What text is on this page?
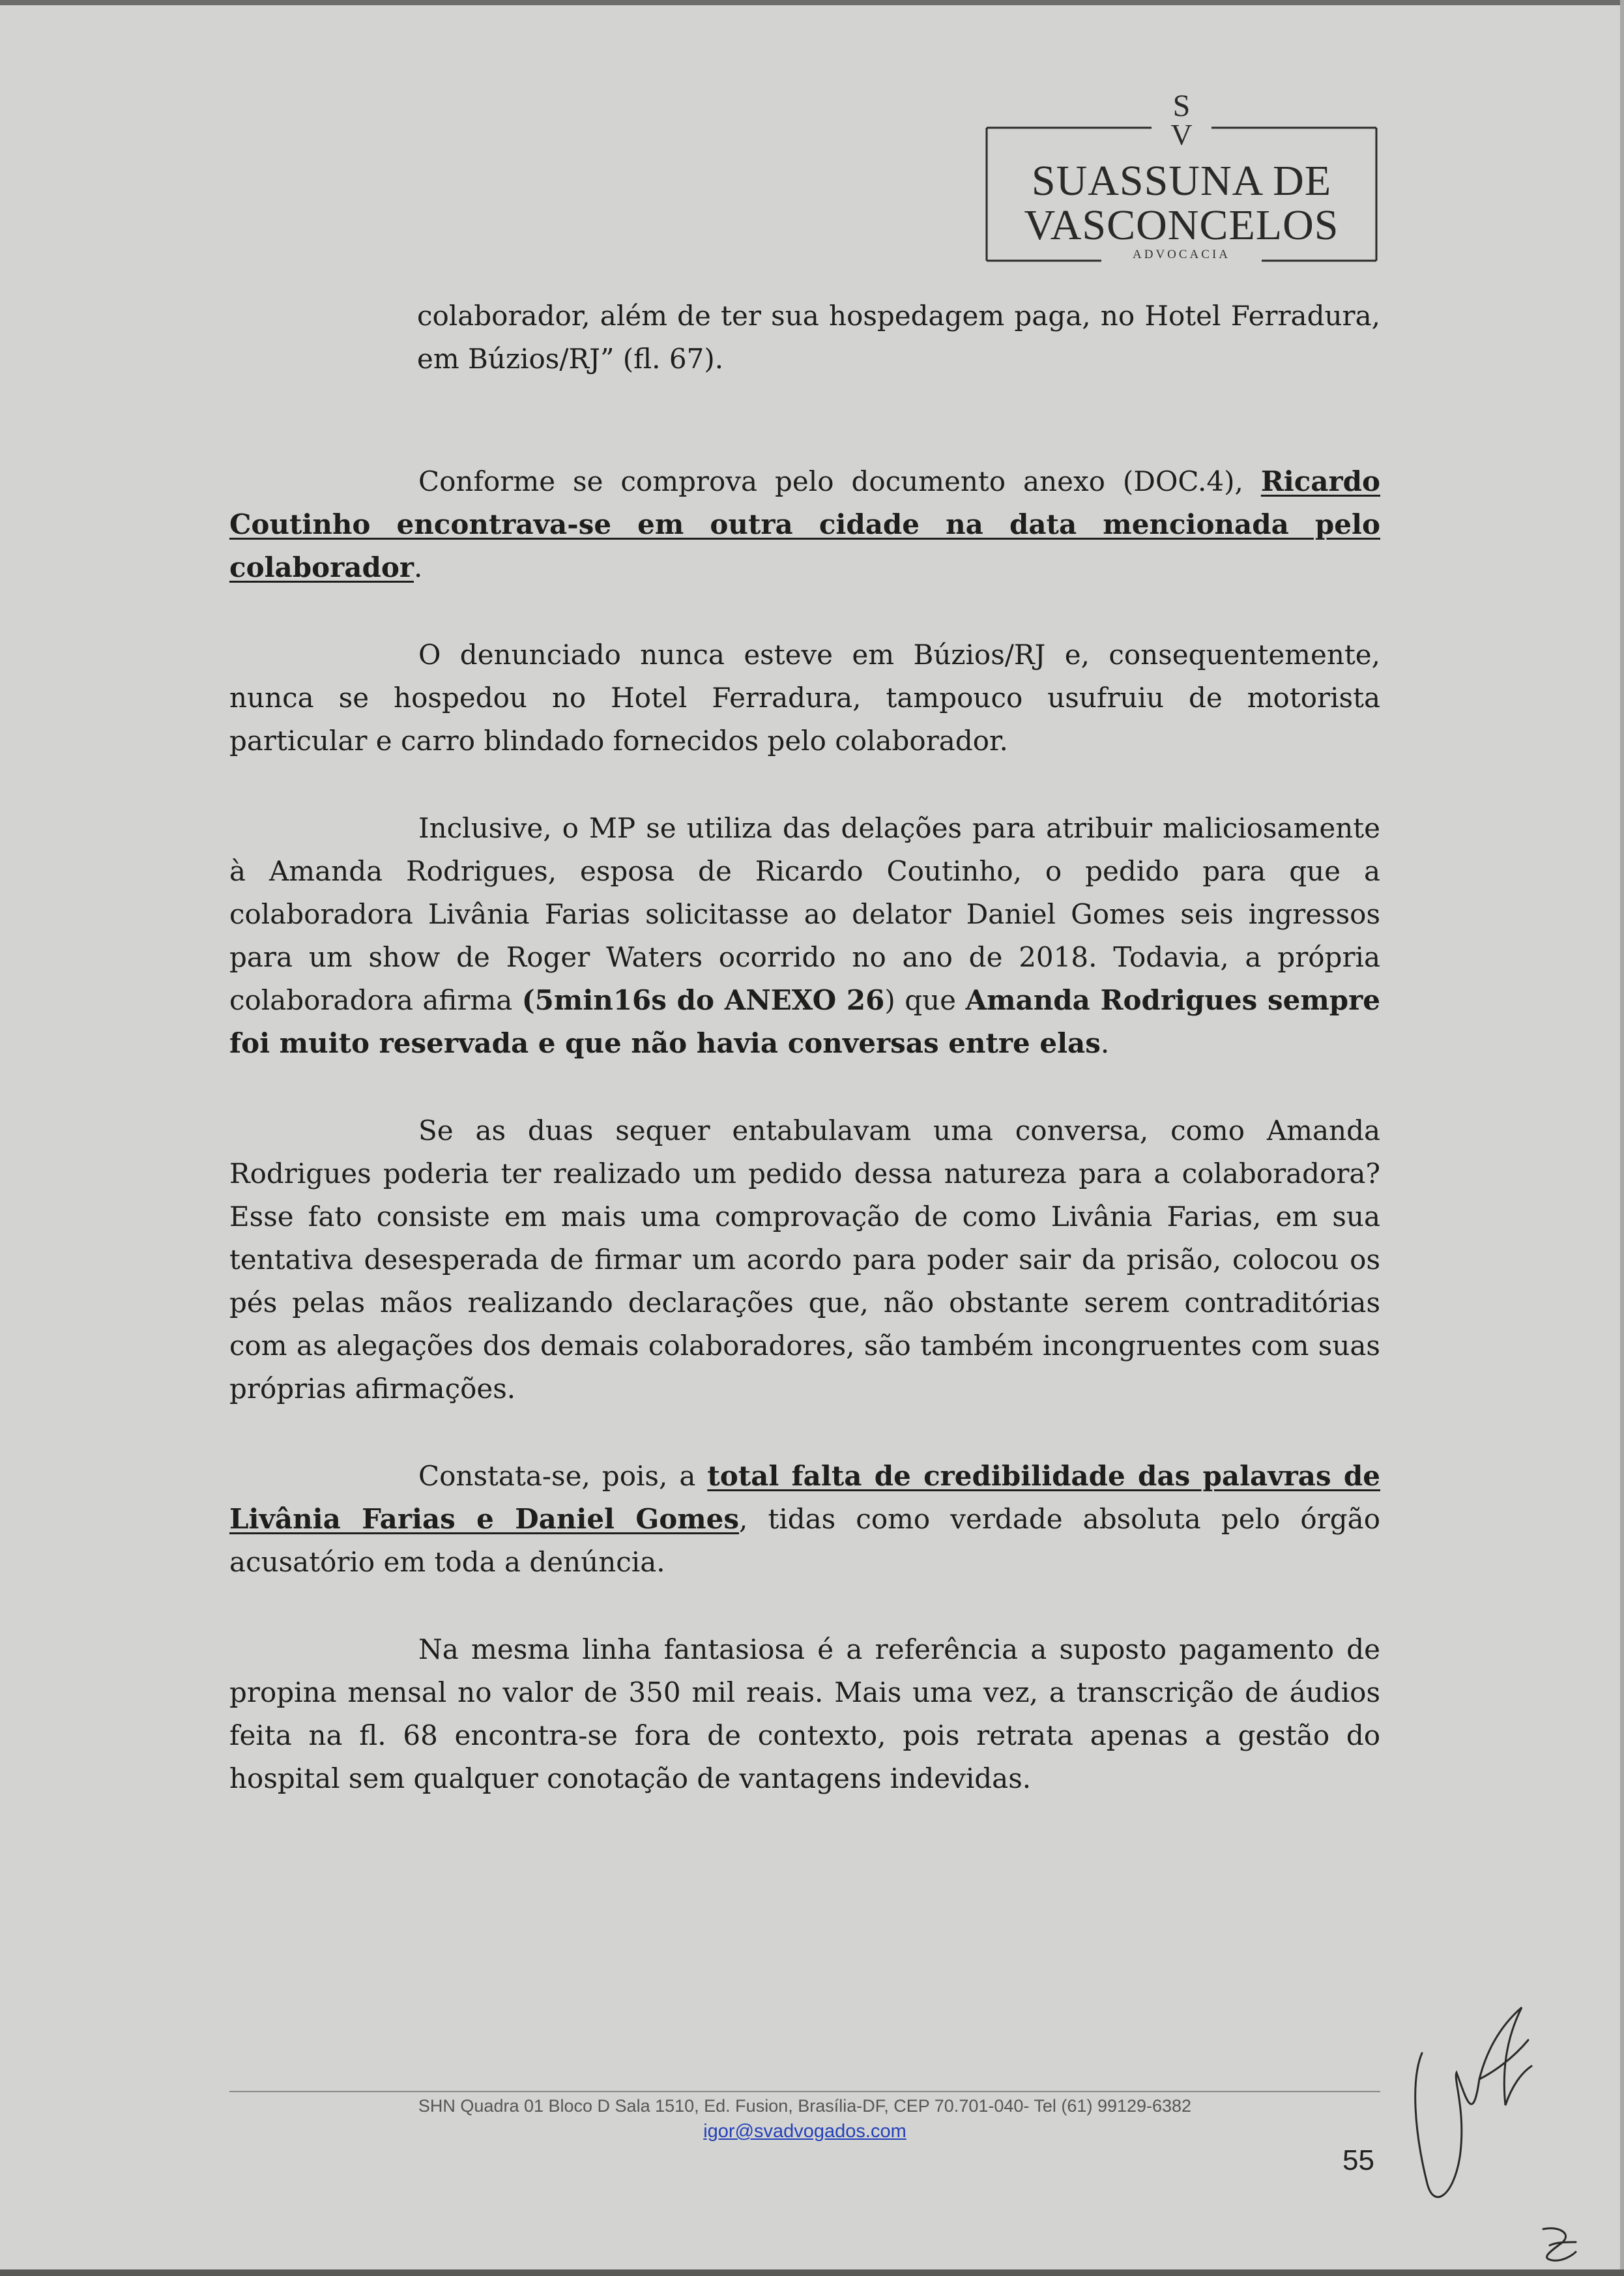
S
V
SUASSUNA DE
VASCONCELOS
ADVOCACIA

colaborador, além de ter sua hospedagem paga, no Hotel Ferradura, em Búzios/RJ” (fl. 67).

Conforme se comprova pelo documento anexo (DOC.4), Ricardo Coutinho encontrava-se em outra cidade na data mencionada pelo colaborador.

O denunciado nunca esteve em Búzios/RJ e, consequentemente, nunca se hospedou no Hotel Ferradura, tampouco usufruiu de motorista particular e carro blindado fornecidos pelo colaborador.

Inclusive, o MP se utiliza das delações para atribuir maliciosamente à Amanda Rodrigues, esposa de Ricardo Coutinho, o pedido para que a colaboradora Livânia Farias solicitasse ao delator Daniel Gomes seis ingressos para um show de Roger Waters ocorrido no ano de 2018. Todavia, a própria colaboradora afirma (5min16s do ANEXO 26) que Amanda Rodrigues sempre foi muito reservada e que não havia conversas entre elas.

Se as duas sequer entabulavam uma conversa, como Amanda Rodrigues poderia ter realizado um pedido dessa natureza para a colaboradora? Esse fato consiste em mais uma comprovação de como Livânia Farias, em sua tentativa desesperada de firmar um acordo para poder sair da prisão, colocou os pés pelas mãos realizando declarações que, não obstante serem contraditórias com as alegações dos demais colaboradores, são também incongruentes com suas próprias afirmações.

Constata-se, pois, a total falta de credibilidade das palavras de Livânia Farias e Daniel Gomes, tidas como verdade absoluta pelo órgão acusatório em toda a denúncia.

Na mesma linha fantasiosa é a referência a suposto pagamento de propina mensal no valor de 350 mil reais. Mais uma vez, a transcrição de áudios feita na fl. 68 encontra-se fora de contexto, pois retrata apenas a gestão do hospital sem qualquer conotação de vantagens indevidas.

SHN Quadra 01 Bloco D Sala 1510, Ed. Fusion, Brasília-DF, CEP 70.701-040- Tel (61) 99129-6382
igor@svadvogados.com
55
